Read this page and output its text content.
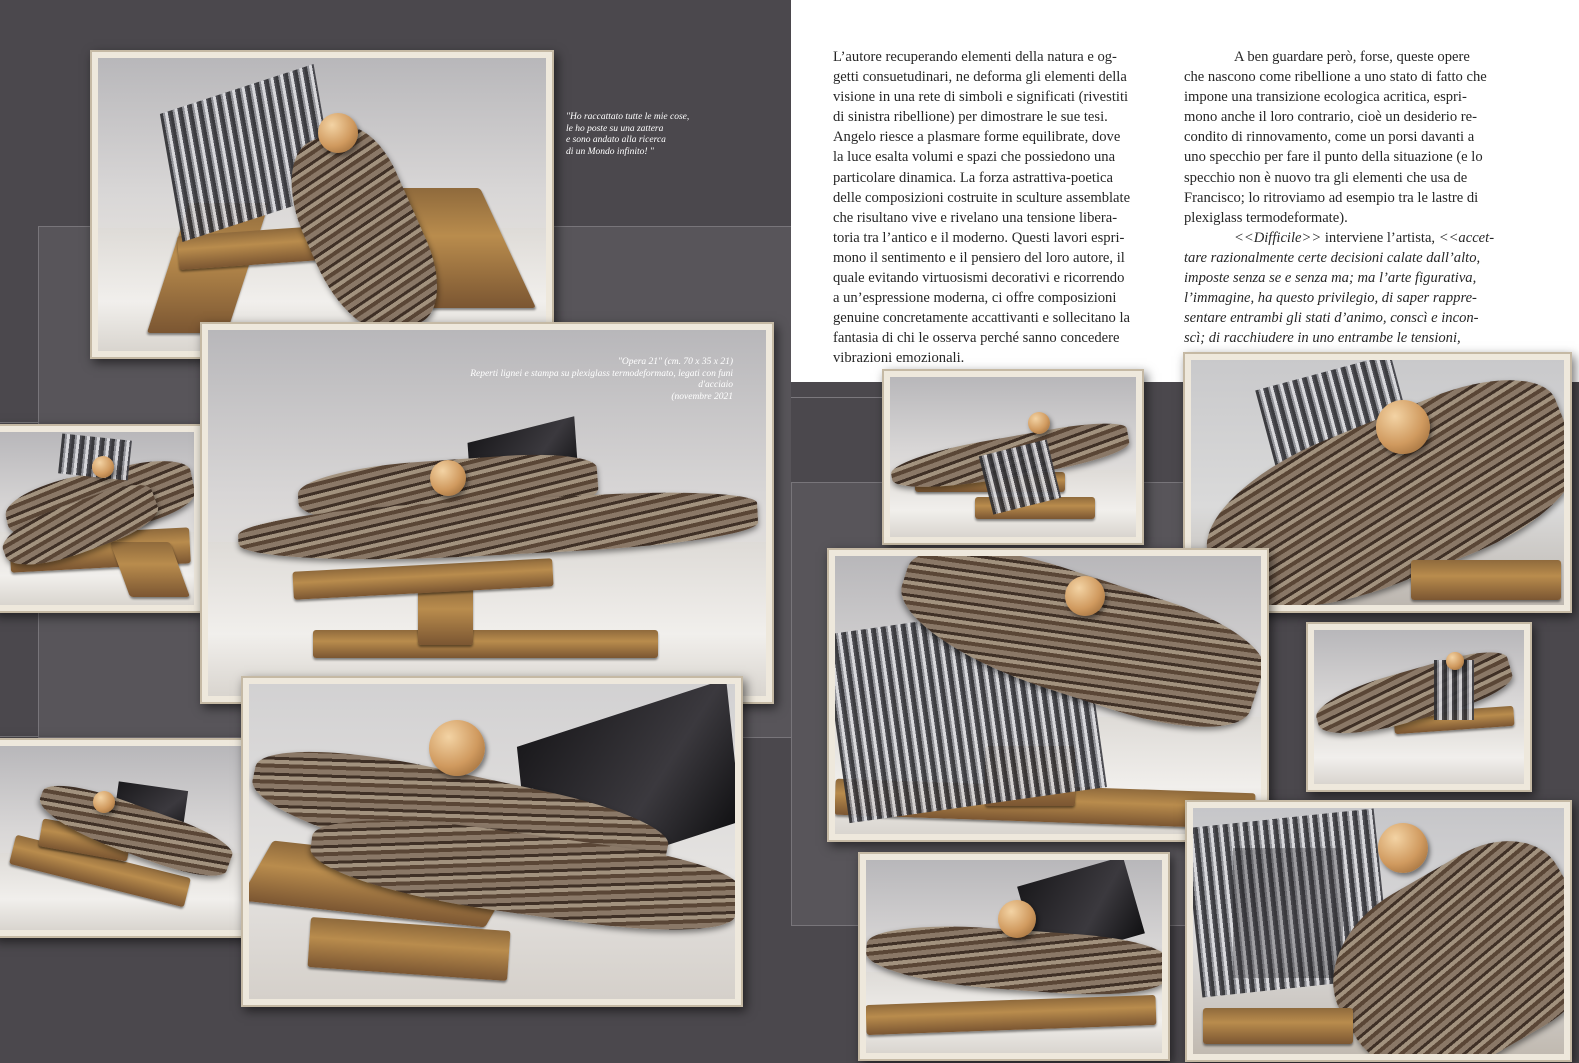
"Ho raccattato tutte le mie cose,
le ho poste su una zattera
e sono andato alla ricerca
di un Mondo infinito! "
"Opera 21" (cm. 70 x 35 x 21)
Reperti lignei e stampa su plexiglass termodeformato, legati con funi
d'acciaio
(novembre 2021

L’autore recuperando elementi della natura e og-

getti consuetudinari, ne deforma gli elementi della

visione in una rete di simboli e significati (rivestiti

di sinistra ribellione) per dimostrare le sue tesi.

Angelo riesce a plasmare forme equilibrate, dove

la luce esalta volumi e spazi che possiedono una

particolare dinamica. La forza astrattiva-poetica

delle composizioni costruite in sculture assemblate

che risultano vive e rivelano una tensione libera-

toria tra l’antico e il moderno. Questi lavori espri-

mono il sentimento e il pensiero del loro autore, il

quale evitando virtuosismi decorativi e ricorrendo

a un’espressione moderna, ci offre composizioni

genuine concretamente accattivanti e sollecitano la

fantasia di chi le osserva perché sanno concedere

vibrazioni emozionali.

A ben guardare però, forse, queste opere

che nascono come ribellione a uno stato di fatto che

impone una transizione ecologica acritica, espri-

mono anche il loro contrario, cioè un desiderio re-

condito di rinnovamento, come un porsi davanti a

uno specchio per fare il punto della situazione (e lo

specchio non è nuovo tra gli elementi che usa de

Francisco; lo ritroviamo ad esempio tra le lastre di

plexiglass termodeformate).

<<Difficile>> interviene l’artista, <<accet-

tare razionalmente certe decisioni calate dall’alto,

imposte senza se e senza ma; ma l’arte figurativa,

l’immagine, ha questo privilegio, di saper rappre-

sentare entrambi gli stati d’animo, conscì e incon-

scì; di racchiudere in uno entrambe le tensioni,
